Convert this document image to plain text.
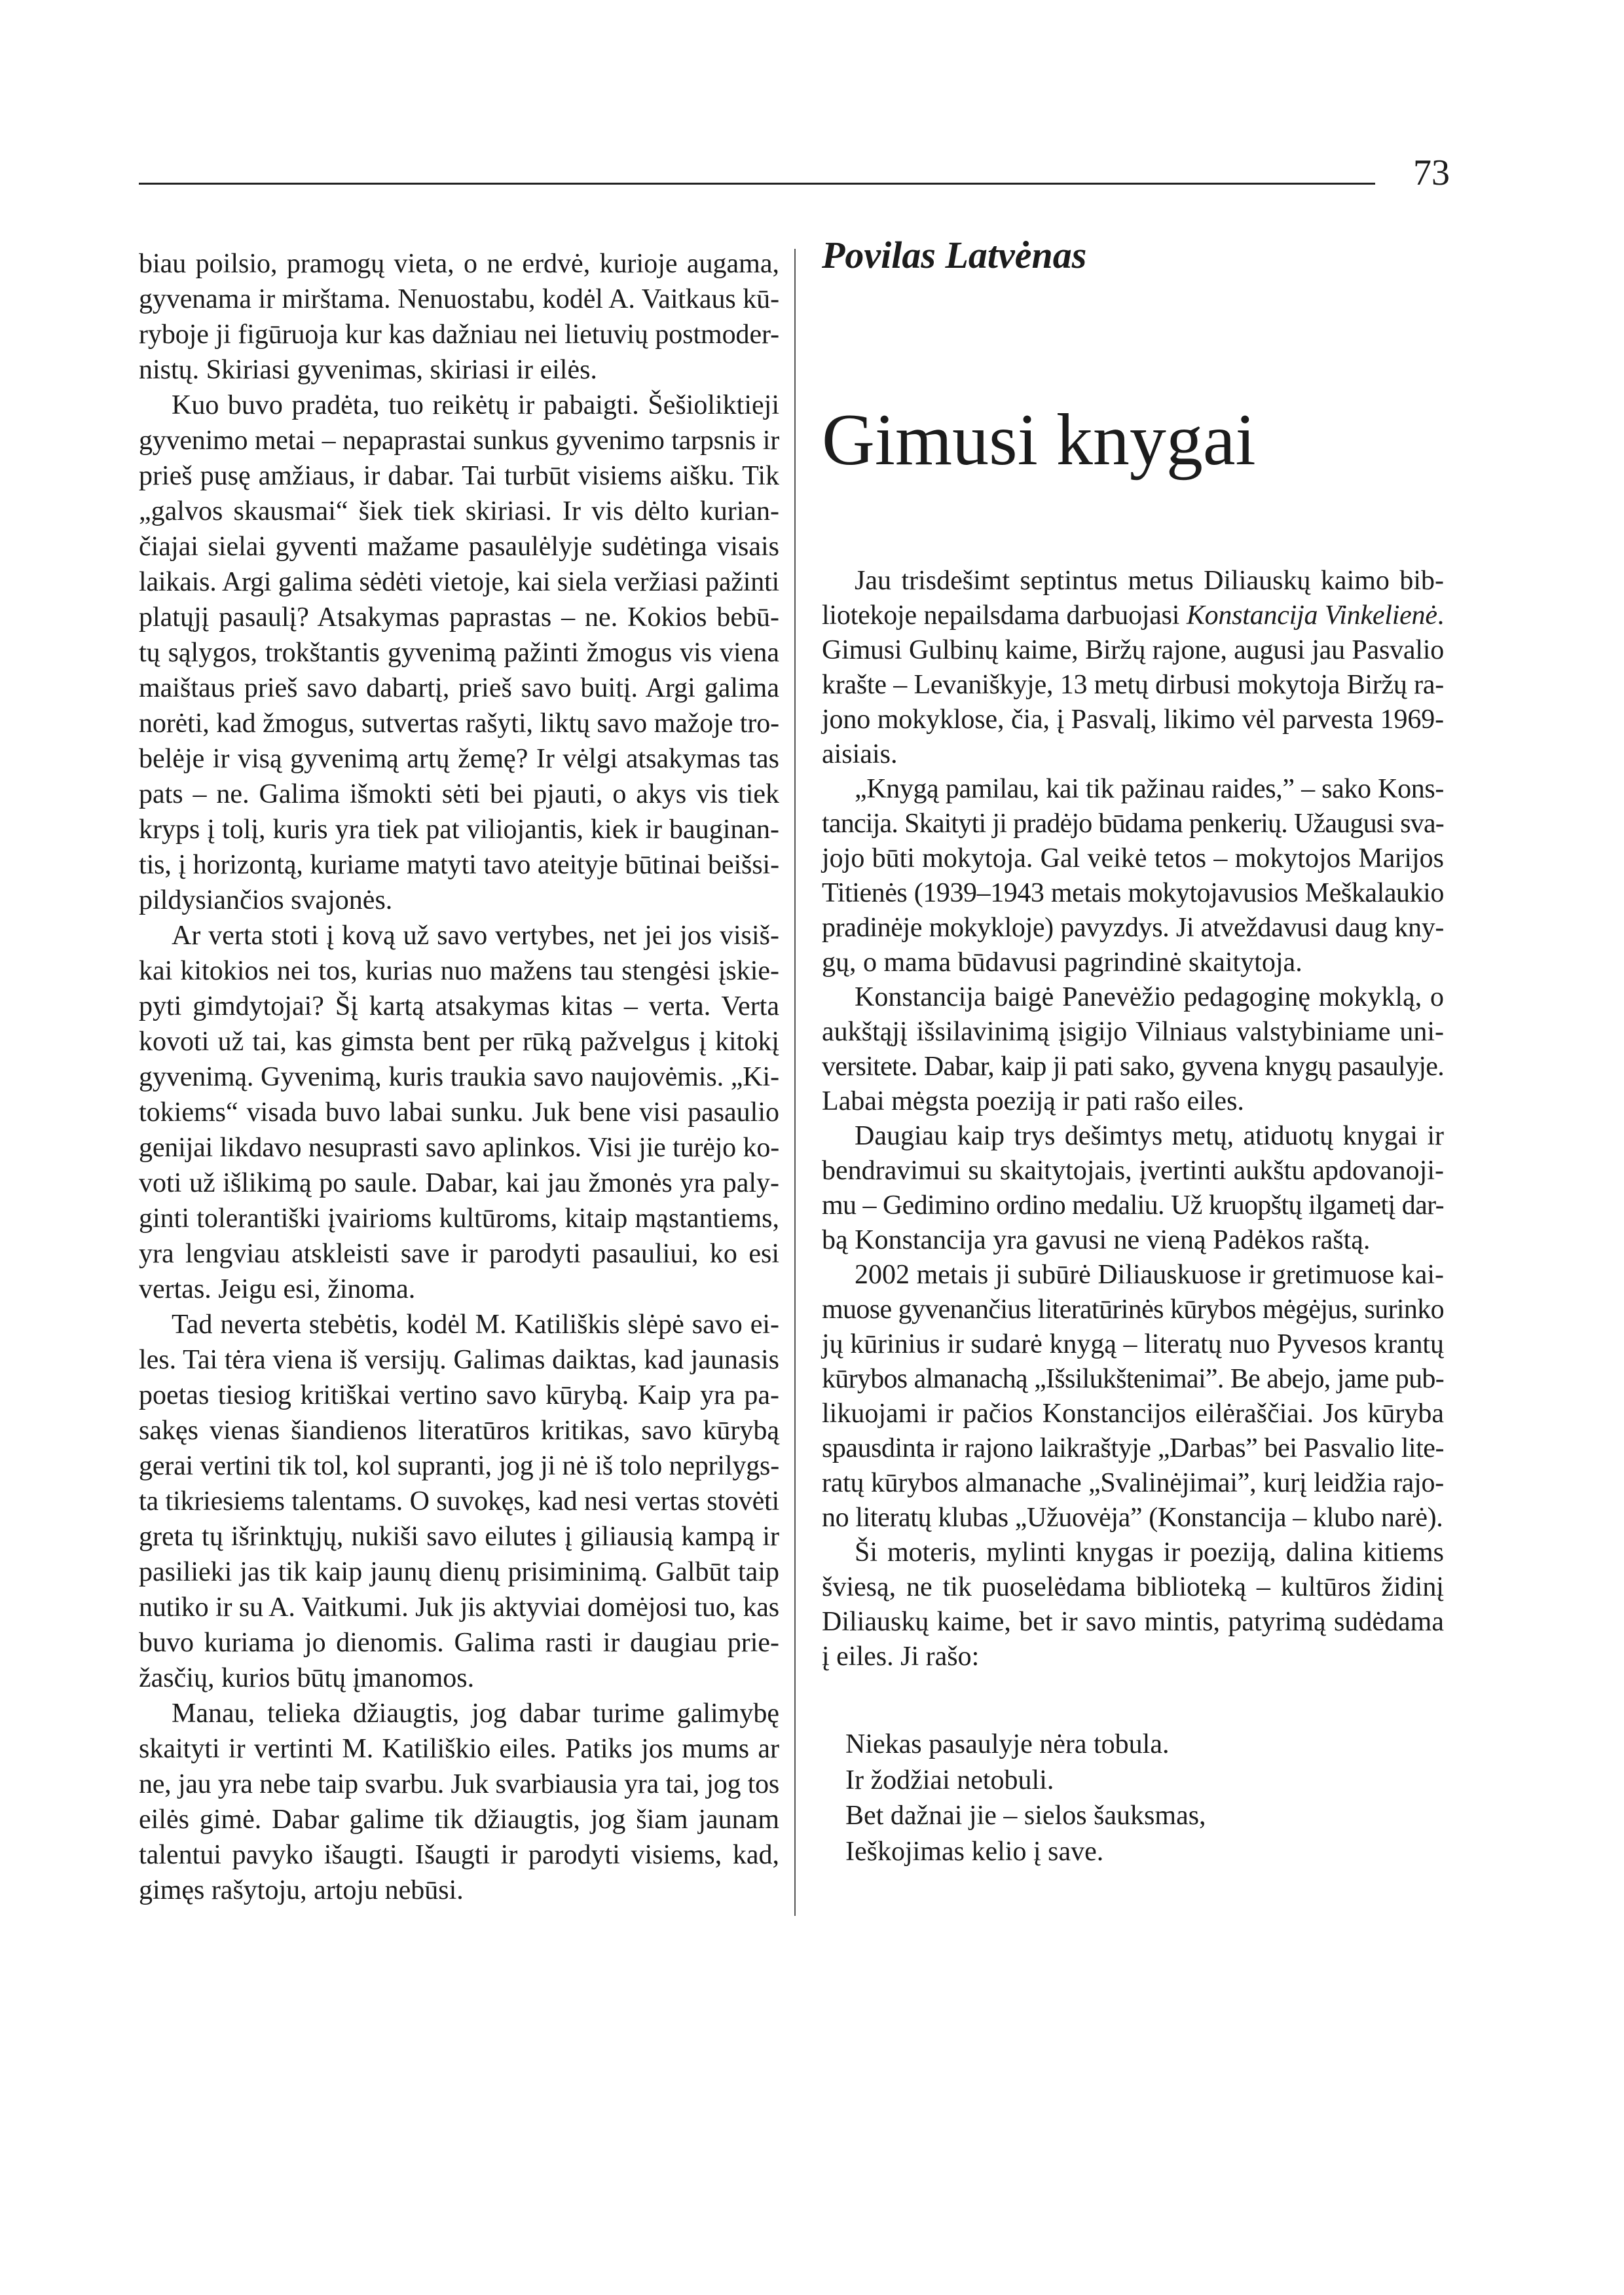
73
biau poilsio, pramogų vieta, o ne erdvė, kurioje augama,
gyvenama ir mirštama. Nenuostabu, kodėl A. Vaitkaus kū-
ryboje ji figūruoja kur kas dažniau nei lietuvių postmoder-
nistų. Skiriasi gyvenimas, skiriasi ir eilės.
Kuo buvo pradėta, tuo reikėtų ir pabaigti. Šešioliktieji
gyvenimo metai – nepaprastai sunkus gyvenimo tarpsnis ir
prieš pusę amžiaus, ir dabar. Tai turbūt visiems aišku. Tik
„galvos skausmai“ šiek tiek skiriasi. Ir vis dėlto kurian-
čiajai sielai gyventi mažame pasaulėlyje sudėtinga visais
laikais. Argi galima sėdėti vietoje, kai siela veržiasi pažinti
platųjį pasaulį? Atsakymas paprastas – ne. Kokios bebū-
tų sąlygos, trokštantis gyvenimą pažinti žmogus vis viena
maištaus prieš savo dabartį, prieš savo buitį. Argi galima
norėti, kad žmogus, sutvertas rašyti, liktų savo mažoje tro-
belėje ir visą gyvenimą artų žemę? Ir vėlgi atsakymas tas
pats – ne. Galima išmokti sėti bei pjauti, o akys vis tiek
kryps į tolį, kuris yra tiek pat viliojantis, kiek ir bauginan-
tis, į horizontą, kuriame matyti tavo ateityje būtinai beišsi-
pildysiančios svajonės.
Ar verta stoti į kovą už savo vertybes, net jei jos visiš-
kai kitokios nei tos, kurias nuo mažens tau stengėsi įskie-
pyti gimdytojai? Šį kartą atsakymas kitas – verta. Verta
kovoti už tai, kas gimsta bent per rūką pažvelgus į kitokį
gyvenimą. Gyvenimą, kuris traukia savo naujovėmis. „Ki-
tokiems“ visada buvo labai sunku. Juk bene visi pasaulio
genijai likdavo nesuprasti savo aplinkos. Visi jie turėjo ko-
voti už išlikimą po saule. Dabar, kai jau žmonės yra paly-
ginti tolerantiški įvairioms kultūroms, kitaip mąstantiems,
yra lengviau atskleisti save ir parodyti pasauliui, ko esi
vertas. Jeigu esi, žinoma.
Tad neverta stebėtis, kodėl M. Katiliškis slėpė savo ei-
les. Tai tėra viena iš versijų. Galimas daiktas, kad jaunasis
poetas tiesiog kritiškai vertino savo kūrybą. Kaip yra pa-
sakęs vienas šiandienos literatūros kritikas, savo kūrybą
gerai vertini tik tol, kol supranti, jog ji nė iš tolo neprilygs-
ta tikriesiems talentams. O suvokęs, kad nesi vertas stovėti
greta tų išrinktųjų, nukiši savo eilutes į giliausią kampą ir
pasilieki jas tik kaip jaunų dienų prisiminimą. Galbūt taip
nutiko ir su A. Vaitkumi. Juk jis aktyviai domėjosi tuo, kas
buvo kuriama jo dienomis. Galima rasti ir daugiau prie-
žasčių, kurios būtų įmanomos.
Manau, telieka džiaugtis, jog dabar turime galimybę
skaityti ir vertinti M. Katiliškio eiles. Patiks jos mums ar
ne, jau yra nebe taip svarbu. Juk svarbiausia yra tai, jog tos
eilės gimė. Dabar galime tik džiaugtis, jog šiam jaunam
talentui pavyko išaugti. Išaugti ir parodyti visiems, kad,
gimęs rašytoju, artoju nebūsi.
Povilas Latvėnas
Gimusi knygai
Jau trisdešimt septintus metus Diliauskų kaimo bib-
liotekoje nepailsdama darbuojasi Konstancija Vinkelienė.
Gimusi Gulbinų kaime, Biržų rajone, augusi jau Pasvalio
krašte – Levaniškyje, 13 metų dirbusi mokytoja Biržų ra-
jono mokyklose, čia, į Pasvalį, likimo vėl parvesta 1969-
aisiais.
„Knygą pamilau, kai tik pažinau raides,” – sako Kons-
tancija. Skaityti ji pradėjo būdama penkerių. Užaugusi sva-
jojo būti mokytoja. Gal veikė tetos – mokytojos Marijos
Titienės (1939–1943 metais mokytojavusios Meškalaukio
pradinėje mokykloje) pavyzdys. Ji atveždavusi daug kny-
gų, o mama būdavusi pagrindinė skaitytoja.
Konstancija baigė Panevėžio pedagoginę mokyklą, o
aukštąjį išsilavinimą įsigijo Vilniaus valstybiniame uni-
versitete. Dabar, kaip ji pati sako, gyvena knygų pasaulyje.
Labai mėgsta poeziją ir pati rašo eiles.
Daugiau kaip trys dešimtys metų, atiduotų knygai ir
bendravimui su skaitytojais, įvertinti aukštu apdovanoji-
mu – Gedimino ordino medaliu. Už kruopštų ilgametį dar-
bą Konstancija yra gavusi ne vieną Padėkos raštą.
2002 metais ji subūrė Diliauskuose ir gretimuose kai-
muose gyvenančius literatūrinės kūrybos mėgėjus, surinko
jų kūrinius ir sudarė knygą – literatų nuo Pyvesos krantų
kūrybos almanachą „Išsilukštenimai”. Be abejo, jame pub-
likuojami ir pačios Konstancijos eilėraščiai. Jos kūryba
spausdinta ir rajono laikraštyje „Darbas” bei Pasvalio lite-
ratų kūrybos almanache „Svalinėjimai”, kurį leidžia rajo-
no literatų klubas „Užuovėja” (Konstancija – klubo narė).
Ši moteris, mylinti knygas ir poeziją, dalina kitiems
šviesą, ne tik puoselėdama biblioteką – kultūros židinį
Diliauskų kaime, bet ir savo mintis, patyrimą sudėdama
į eiles. Ji rašo:
Niekas pasaulyje nėra tobula.
Ir žodžiai netobuli.
Bet dažnai jie – sielos šauksmas,
Ieškojimas kelio į save.
